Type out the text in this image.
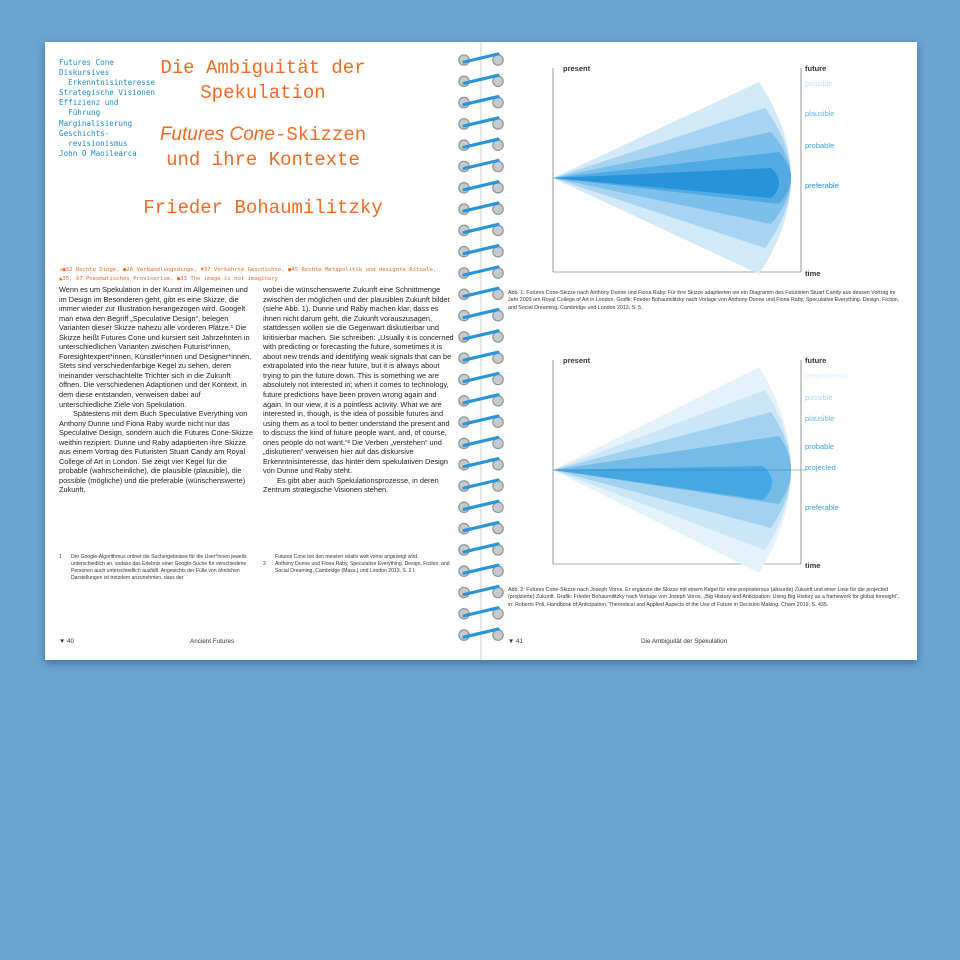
Futures Cone
Diskursives
Erkenntnisinteresse
Strategische Visionen
Effizienz und
Führung
Marginalisierung
Geschichts-
revisionismus
John O Maoilearca
Die Ambiguität der
Spekulation
Futures Cone-Skizzen
und ihre Kontexte
Frieder Bohaumilitzky
↗●32 Rechte Dinge, ●26 Verbandlungsdinge, ▼37 Verkehrte Geschichte, ●45 Rechte Metapolitik und designte Rituale,
▲35, 97 Pneumatisches Provisorium, ●33 The image is not imaginary

Wenn es um Spekulation in der Kunst im Allgemeinen und im Design im Besonderen geht, gibt es eine Skizze, die immer wieder zur Illustration herangezogen wird. Googelt man etwa den Begriff „Speculative Design“, belegen Varianten dieser Skizze nahezu alle vorderen Plätze.¹ Die Skizze heißt Futures Cone und kursiert seit Jahrzehnten in unterschiedlichen Varianten zwischen Futurist*innen, Foresightexpert*innen, Künstler*innen und Designer*innen. Stets sind verschiedenfarbige Kegel zu sehen, deren ineinander verschachtelte Trichter sich in die Zukunft öffnen. Die verschiedenen Adaptionen und der Kontext, in dem diese entstanden, verweisen dabei auf unterschiedliche Ziele von Spekulation.

Spätestens mit dem Buch Speculative Everything von Anthony Dunne und Fiona Raby wurde nicht nur das Speculative Design, sondern auch die Futures Cone-Skizze weithin rezipiert. Dunne und Raby adaptierten ihre Skizze aus einem Vortrag des Futuristen Stuart Candy am Royal College of Art in London. Sie zeigt vier Kegel für die probable (wahrscheinliche), die plausible (plausible), die possible (mögliche) und die preferable (wünschenswerte) Zukunft,

wobei die wünschenswerte Zukunft eine Schnittmenge zwischen der möglichen und der plausiblen Zukunft bildet (siehe Abb. 1). Dunne und Raby machen klar, dass es ihnen nicht darum geht, die Zukunft vorauszusagen, stattdessen wollen sie die Gegenwart diskutierbar und kritisierbar machen. Sie schreiben: „Usually it is concerned with predicting or forecasting the future, sometimes it is about new trends and identifying weak signals that can be extrapolated into the near future, but it is always about trying to pin the future down. This is something we are absolutely not interested in; when it comes to technology, future predictions have been proven wrong again and again. In our view, it is a pointless activity. What we are interested in, though, is the idea of possible futures and using them as a tool to better understand the present and to discuss the kind of future people want, and, of course, ones people do not want.“² Die Verben „verstehen“ und „diskutieren“ verweisen hier auf das diskursive Erkenntnisinteresse, das hinter dem spekulativen Design von Dunne und Raby steht.

Es gibt aber auch Spekulationsprozesse, in deren Zentrum strategische Visionen stehen.

1	Der Google-Algorithmus ordnet die Suchergebnisse für die User*innen jeweils unterschiedlich an, sodass das Erlebnis einer Google-Suche für verschiedene Personen auch unterschiedlich ausfällt. Angesichts der Fülle von ähnlichen Darstellungen ist trotzdem anzunehmen, dass der
Futures Cone bei den meisten relativ weit vorne angezeigt wird.
2	Anthony Dunne und Fiona Raby, Speculative Everything. Design, Fiction, and Social Dreaming, Cambridge (Mass.) und London 2013, S. 2 f.
▼ 40	Ancient Futures
present	future
time
possible
plausible
probable
preferable
Abb. 1: Futures Cone-Skizze nach Anthony Dunne und Fiona Raby. Für ihre Skizze adaptierten sie ein Diagramm des Futuristen Stuart Candy aus dessen Vortrag im Jahr 2009 am Royal College of Art in London. Grafik: Frieder Bohaumilitzky nach Vorlage von Anthony Dunne und Fiona Raby, Speculative Everything. Design, Fiction, and Social Dreaming, Cambridge und London 2013, S. 5.
present	future
time
preposterous
possible
plausible
probable
projected
preferable
Abb. 2: Futures Cone-Skizze nach Joseph Voros. Er ergänzte die Skizze mit einem Kegel für eine preposterous (absurde) Zukunft und einer Linie für die projected (projizierte) Zukunft. Grafik: Frieder Bohaumilitzky nach Vorlage von Joseph Voros, „Big History and Anticipation: Using Big History as a framework for global foresight“, in: Roberto Poli, Handbook of Anticipation. Theoretical and Applied Aspects of the Use of Future in Decision Making, Cham 2019, S. 435.
▼ 41	Die Ambiguität der Spekulation
